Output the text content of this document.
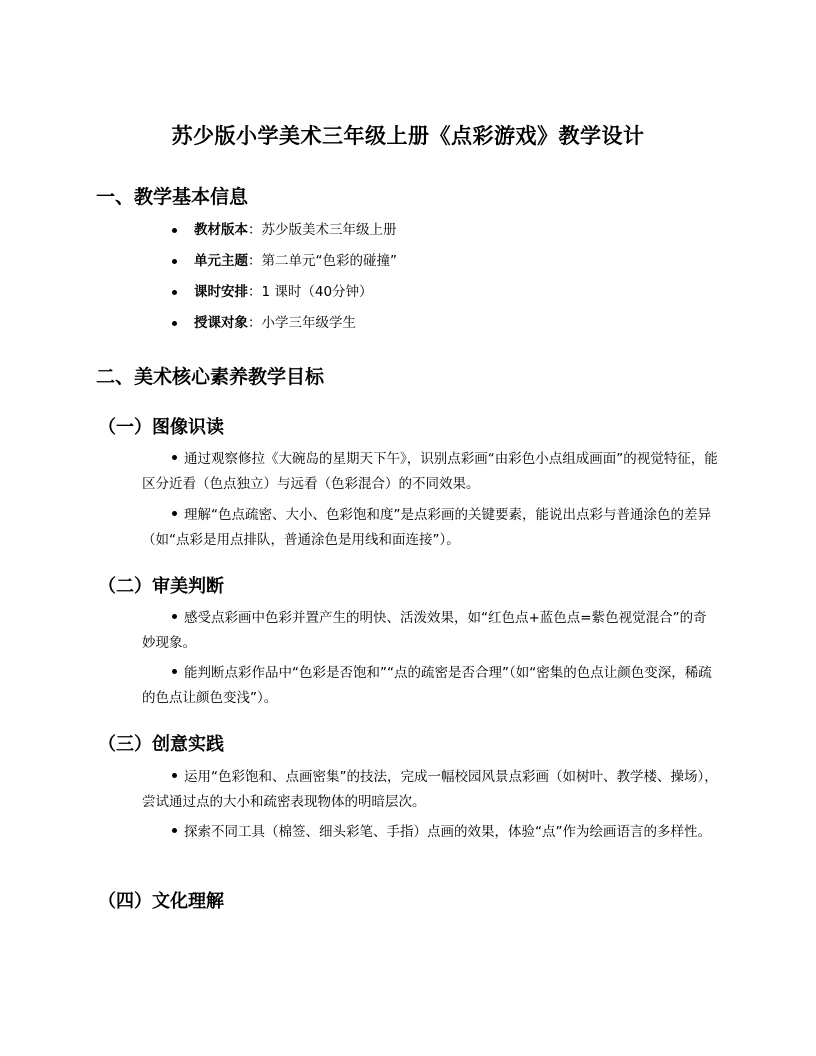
苏少版小学美术三年级上册《点彩游戏》教学设计
一、教学基本信息
教材版本：苏少版美术三年级上册
单元主题：第二单元“色彩的碰撞”
课时安排：1 课时（40分钟）
授课对象：小学三年级学生
二、美术核心素养教学目标
（一）图像识读

通过观察修拉《大碗岛的星期天下午》，识别点彩画“由彩色小点组成画面”的视觉特征，能区分近看（色点独立）与远看（色彩混合）的不同效果。

理解“色点疏密、大小、色彩饱和度”是点彩画的关键要素，能说出点彩与普通涂色的差异（如“点彩是用点排队，普通涂色是用线和面连接”）。

（二）审美判断

感受点彩画中色彩并置产生的明快、活泼效果，如“红色点+蓝色点=紫色视觉混合”的奇妙现象。

能判断点彩作品中“色彩是否饱和”“点的疏密是否合理”（如“密集的色点让颜色变深，稀疏的色点让颜色变浅”）。

（三）创意实践

运用“色彩饱和、点画密集”的技法，完成一幅校园风景点彩画（如树叶、教学楼、操场），尝试通过点的大小和疏密表现物体的明暗层次。

探索不同工具（棉签、细头彩笔、手指）点画的效果，体验“点”作为绘画语言的多样性。

（四）文化理解
